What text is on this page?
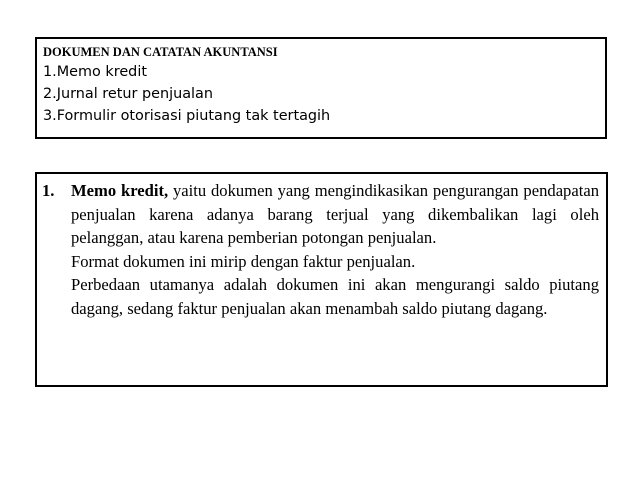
DOKUMEN DAN CATATAN AKUNTANSI
1.Memo kredit
2.Jurnal retur penjualan
3.Formulir otorisasi piutang tak tertagih
1. Memo kredit, yaitu dokumen yang mengindikasikan pengurangan pendapatan penjualan karena adanya barang terjual yang dikembalikan lagi oleh pelanggan, atau karena pemberian potongan penjualan.
Format dokumen ini mirip dengan faktur penjualan.
Perbedaan utamanya adalah dokumen ini akan mengurangi saldo piutang dagang, sedang faktur penjualan akan menambah saldo piutang dagang.
